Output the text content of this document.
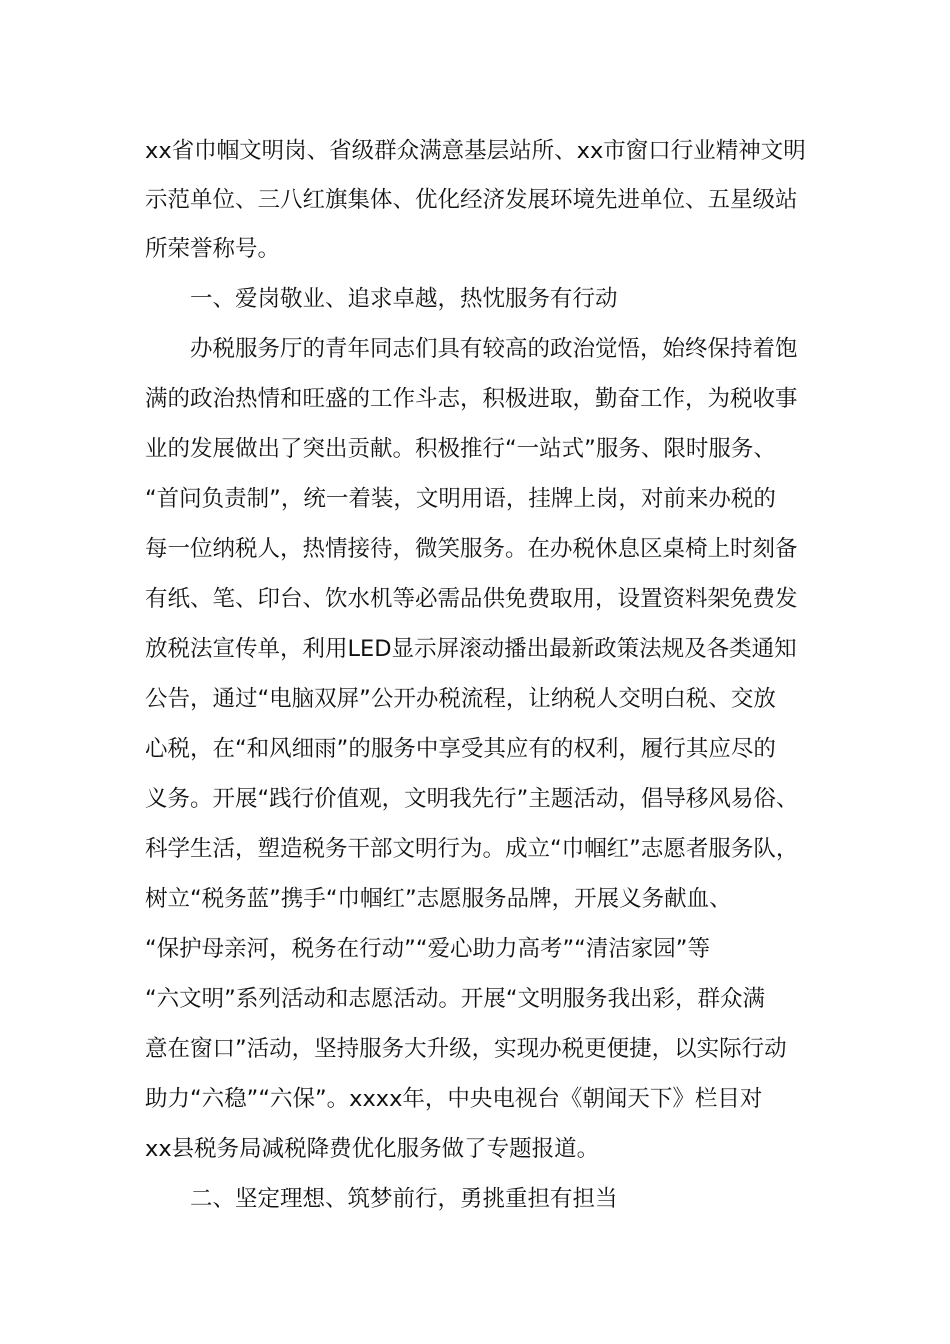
xx省巾帼文明岗、省级群众满意基层站所、xx市窗口行业精神文明
示范单位、三八红旗集体、优化经济发展环境先进单位、五星级站
所荣誉称号。
一、爱岗敬业、追求卓越，热忱服务有行动
办税服务厅的青年同志们具有较高的政治觉悟，始终保持着饱
满的政治热情和旺盛的工作斗志，积极进取，勤奋工作，为税收事
业的发展做出了突出贡献。积极推行“一站式”服务、限时服务、
“首问负责制”，统一着装，文明用语，挂牌上岗，对前来办税的
每一位纳税人，热情接待，微笑服务。在办税休息区桌椅上时刻备
有纸、笔、印台、饮水机等必需品供免费取用，设置资料架免费发
放税法宣传单，利用LED显示屏滚动播出最新政策法规及各类通知
公告，通过“电脑双屏”公开办税流程，让纳税人交明白税、交放
心税，在“和风细雨”的服务中享受其应有的权利，履行其应尽的
义务。开展“践行价值观，文明我先行”主题活动，倡导移风易俗、
科学生活，塑造税务干部文明行为。成立“巾帼红”志愿者服务队，
树立“税务蓝”携手“巾帼红”志愿服务品牌，开展义务献血、
“保护母亲河，税务在行动”“爱心助力高考”“清洁家园”等
“六文明”系列活动和志愿活动。开展“文明服务我出彩，群众满
意在窗口”活动，坚持服务大升级，实现办税更便捷，以实际行动
助力“六稳”“六保”。xxxx年，中央电视台《朝闻天下》栏目对
xx县税务局减税降费优化服务做了专题报道。
二、坚定理想、筑梦前行，勇挑重担有担当
